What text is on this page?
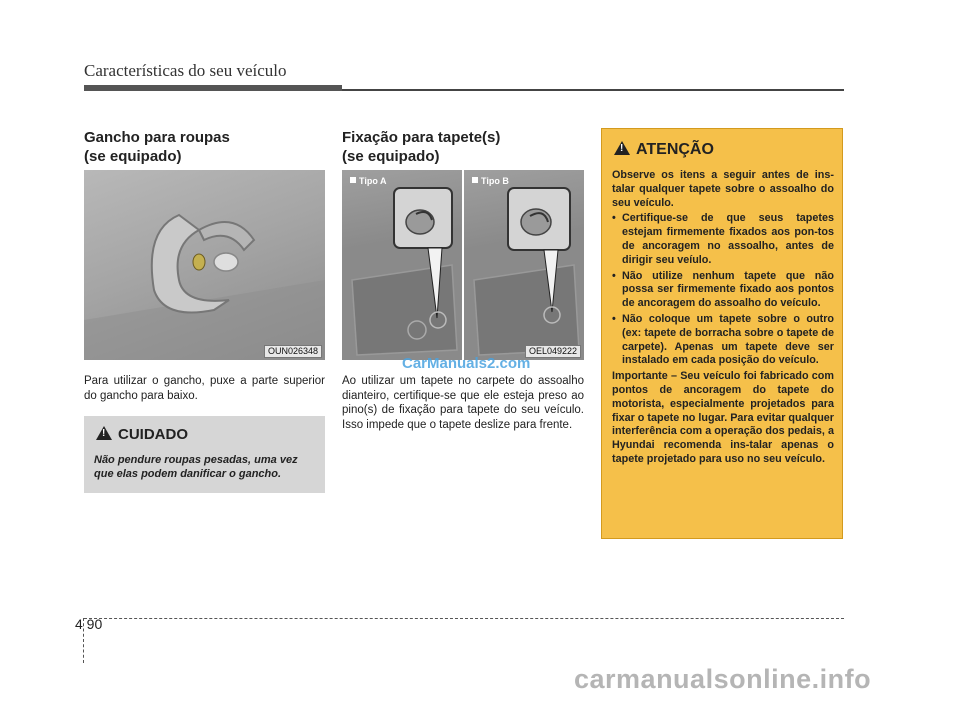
Características do seu veículo
Gancho para roupas
(se equipado)
OUN026348

Para utilizar o gancho, puxe a parte superior do gancho para baixo.

!CUIDADO

Não pendure roupas pesadas, uma vez que elas podem danificar o gancho.

Fixação para tapete(s)
(se equipado)
Tipo A	Tipo B
OEL049222
CarManuals2.com

Ao utilizar um tapete no carpete do assoalho dianteiro, certifique-se que ele esteja preso ao pino(s) de fixação para tapete do seu veículo. Isso impede que o tapete deslize para frente.

!ATENÇÃO

Observe os itens a seguir antes de ins-talar qualquer tapete sobre o assoalho do seu veículo.

• Certifique-se de que seus tapetes estejam firmemente fixados aos pon-tos de ancoragem no assoalho, antes de dirigir seu veíulo.
• Não utilize nenhum tapete que não possa ser firmemente fixado aos pontos de ancoragem do assoalho do veículo.
• Não coloque um tapete sobre o outro (ex: tapete de borracha sobre o tapete de carpete). Apenas um tapete deve ser instalado em cada posição do veículo.

Importante – Seu veículo foi fabricado com pontos de ancoragem do tapete do motorista, especialmente projetados para fixar o tapete no lugar. Para evitar qualquer interferência com a operação dos pedais, a Hyundai recomenda ins-talar apenas o tapete projetado para uso no seu veículo.

4 90
carmanualsonline.info
